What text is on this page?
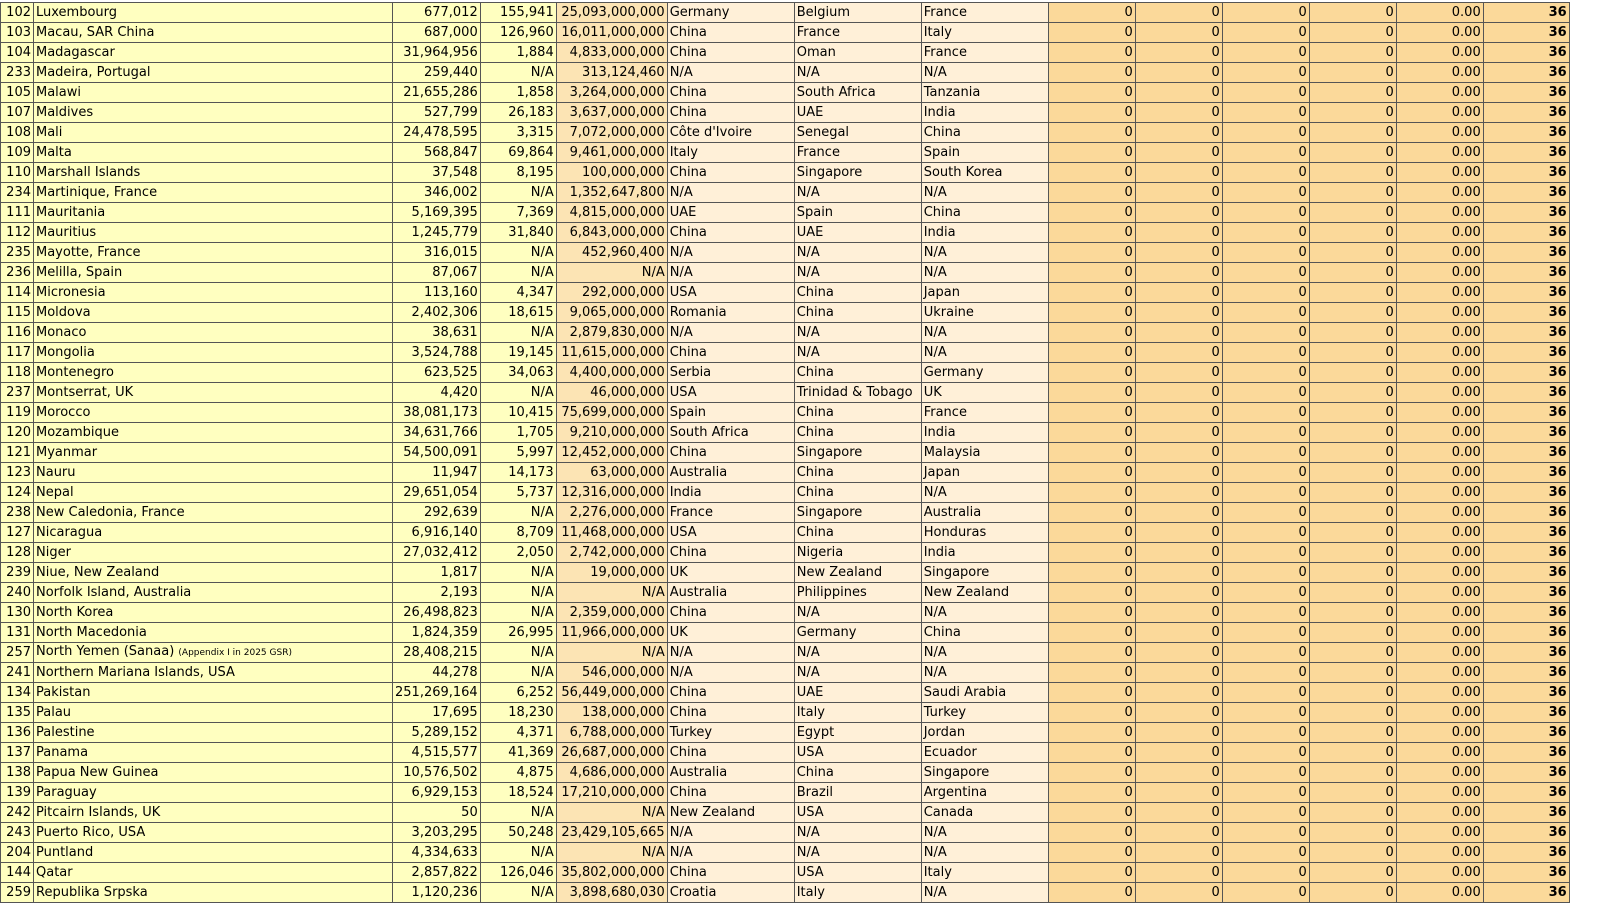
102	Luxembourg	677,012	155,941	25,093,000,000	Germany	Belgium	France	0	0	0	0	0.00	36
103	Macau, SAR China	687,000	126,960	16,011,000,000	China	France	Italy	0	0	0	0	0.00	36
104	Madagascar	31,964,956	1,884	4,833,000,000	China	Oman	France	0	0	0	0	0.00	36
233	Madeira, Portugal	259,440	N/A	313,124,460	N/A	N/A	N/A	0	0	0	0	0.00	36
105	Malawi	21,655,286	1,858	3,264,000,000	China	South Africa	Tanzania	0	0	0	0	0.00	36
107	Maldives	527,799	26,183	3,637,000,000	China	UAE	India	0	0	0	0	0.00	36
108	Mali	24,478,595	3,315	7,072,000,000	Côte d'Ivoire	Senegal	China	0	0	0	0	0.00	36
109	Malta	568,847	69,864	9,461,000,000	Italy	France	Spain	0	0	0	0	0.00	36
110	Marshall Islands	37,548	8,195	100,000,000	China	Singapore	South Korea	0	0	0	0	0.00	36
234	Martinique, France	346,002	N/A	1,352,647,800	N/A	N/A	N/A	0	0	0	0	0.00	36
111	Mauritania	5,169,395	7,369	4,815,000,000	UAE	Spain	China	0	0	0	0	0.00	36
112	Mauritius	1,245,779	31,840	6,843,000,000	China	UAE	India	0	0	0	0	0.00	36
235	Mayotte, France	316,015	N/A	452,960,400	N/A	N/A	N/A	0	0	0	0	0.00	36
236	Melilla, Spain	87,067	N/A	N/A	N/A	N/A	N/A	0	0	0	0	0.00	36
114	Micronesia	113,160	4,347	292,000,000	USA	China	Japan	0	0	0	0	0.00	36
115	Moldova	2,402,306	18,615	9,065,000,000	Romania	China	Ukraine	0	0	0	0	0.00	36
116	Monaco	38,631	N/A	2,879,830,000	N/A	N/A	N/A	0	0	0	0	0.00	36
117	Mongolia	3,524,788	19,145	11,615,000,000	China	N/A	N/A	0	0	0	0	0.00	36
118	Montenegro	623,525	34,063	4,400,000,000	Serbia	China	Germany	0	0	0	0	0.00	36
237	Montserrat, UK	4,420	N/A	46,000,000	USA	Trinidad & Tobago	UK	0	0	0	0	0.00	36
119	Morocco	38,081,173	10,415	75,699,000,000	Spain	China	France	0	0	0	0	0.00	36
120	Mozambique	34,631,766	1,705	9,210,000,000	South Africa	China	India	0	0	0	0	0.00	36
121	Myanmar	54,500,091	5,997	12,452,000,000	China	Singapore	Malaysia	0	0	0	0	0.00	36
123	Nauru	11,947	14,173	63,000,000	Australia	China	Japan	0	0	0	0	0.00	36
124	Nepal	29,651,054	5,737	12,316,000,000	India	China	N/A	0	0	0	0	0.00	36
238	New Caledonia, France	292,639	N/A	2,276,000,000	France	Singapore	Australia	0	0	0	0	0.00	36
127	Nicaragua	6,916,140	8,709	11,468,000,000	USA	China	Honduras	0	0	0	0	0.00	36
128	Niger	27,032,412	2,050	2,742,000,000	China	Nigeria	India	0	0	0	0	0.00	36
239	Niue, New Zealand	1,817	N/A	19,000,000	UK	New Zealand	Singapore	0	0	0	0	0.00	36
240	Norfolk Island, Australia	2,193	N/A	N/A	Australia	Philippines	New Zealand	0	0	0	0	0.00	36
130	North Korea	26,498,823	N/A	2,359,000,000	China	N/A	N/A	0	0	0	0	0.00	36
131	North Macedonia	1,824,359	26,995	11,966,000,000	UK	Germany	China	0	0	0	0	0.00	36
257	North Yemen (Sanaa) (Appendix I in 2025 GSR)	28,408,215	N/A	N/A	N/A	N/A	N/A	0	0	0	0	0.00	36
241	Northern Mariana Islands, USA	44,278	N/A	546,000,000	N/A	N/A	N/A	0	0	0	0	0.00	36
134	Pakistan	251,269,164	6,252	56,449,000,000	China	UAE	Saudi Arabia	0	0	0	0	0.00	36
135	Palau	17,695	18,230	138,000,000	China	Italy	Turkey	0	0	0	0	0.00	36
136	Palestine	5,289,152	4,371	6,788,000,000	Turkey	Egypt	Jordan	0	0	0	0	0.00	36
137	Panama	4,515,577	41,369	26,687,000,000	China	USA	Ecuador	0	0	0	0	0.00	36
138	Papua New Guinea	10,576,502	4,875	4,686,000,000	Australia	China	Singapore	0	0	0	0	0.00	36
139	Paraguay	6,929,153	18,524	17,210,000,000	China	Brazil	Argentina	0	0	0	0	0.00	36
242	Pitcairn Islands, UK	50	N/A	N/A	New Zealand	USA	Canada	0	0	0	0	0.00	36
243	Puerto Rico, USA	3,203,295	50,248	23,429,105,665	N/A	N/A	N/A	0	0	0	0	0.00	36
204	Puntland	4,334,633	N/A	N/A	N/A	N/A	N/A	0	0	0	0	0.00	36
144	Qatar	2,857,822	126,046	35,802,000,000	China	USA	Italy	0	0	0	0	0.00	36
259	Republika Srpska	1,120,236	N/A	3,898,680,030	Croatia	Italy	N/A	0	0	0	0	0.00	36
